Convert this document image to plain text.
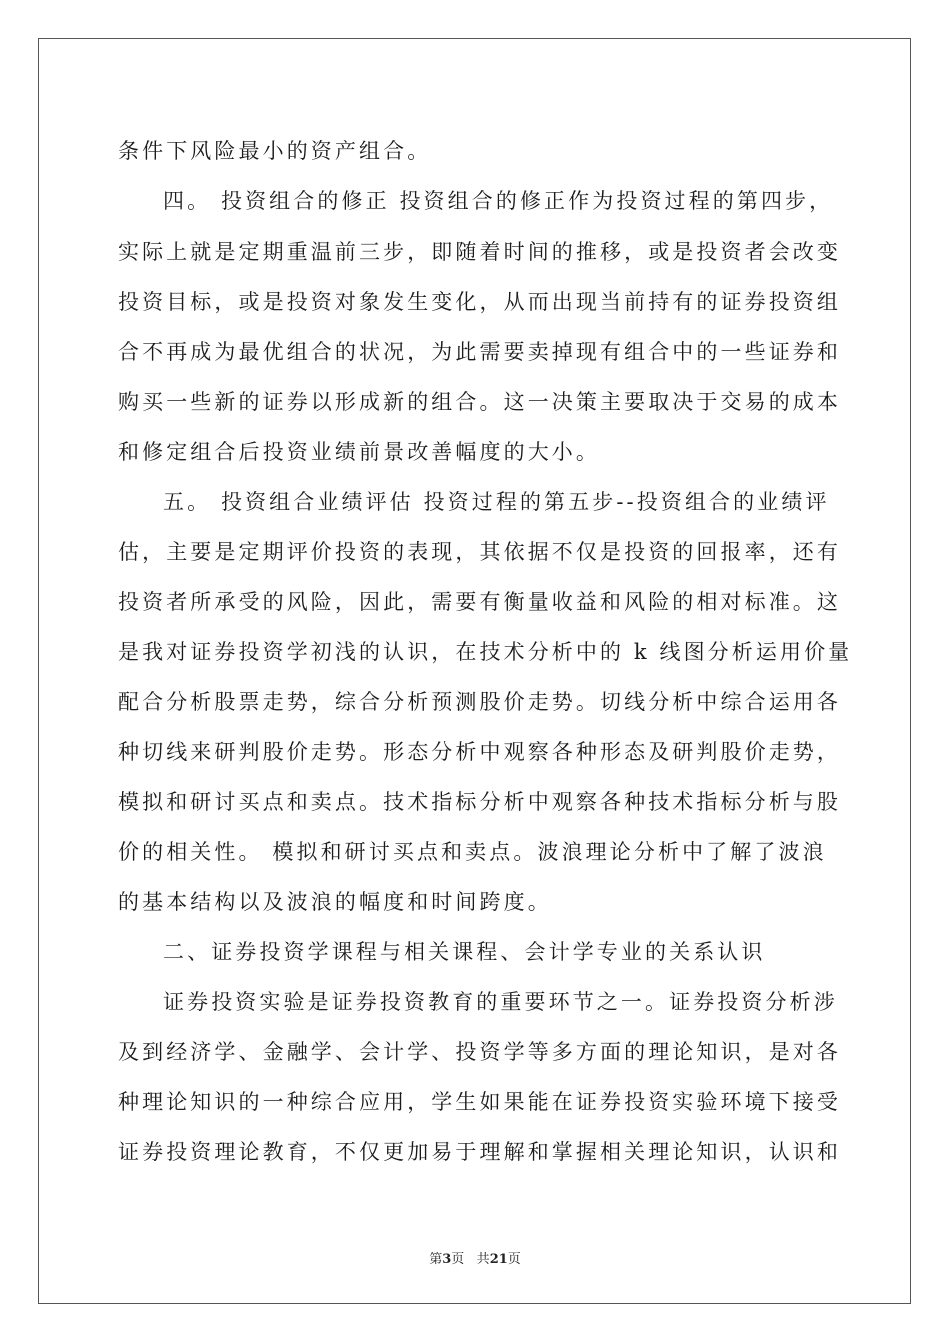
条件下风险最小的资产组合。
四。 投资组合的修正 投资组合的修正作为投资过程的第四步，
实际上就是定期重温前三步，即随着时间的推移，或是投资者会改变
投资目标，或是投资对象发生变化，从而出现当前持有的证券投资组
合不再成为最优组合的状况，为此需要卖掉现有组合中的一些证券和
购买一些新的证券以形成新的组合。这一决策主要取决于交易的成本
和修定组合后投资业绩前景改善幅度的大小。
五。 投资组合业绩评估 投资过程的第五步--投资组合的业绩评
估，主要是定期评价投资的表现，其依据不仅是投资的回报率，还有
投资者所承受的风险，因此，需要有衡量收益和风险的相对标准。这
是我对证券投资学初浅的认识，在技术分析中的 k 线图分析运用价量
配合分析股票走势，综合分析预测股价走势。切线分析中综合运用各
种切线来研判股价走势。形态分析中观察各种形态及研判股价走势，
模拟和研讨买点和卖点。技术指标分析中观察各种技术指标分析与股
价的相关性。 模拟和研讨买点和卖点。波浪理论分析中了解了波浪
的基本结构以及波浪的幅度和时间跨度。
二、证券投资学课程与相关课程、会计学专业的关系认识
证券投资实验是证券投资教育的重要环节之一。证券投资分析涉
及到经济学、金融学、会计学、投资学等多方面的理论知识，是对各
种理论知识的一种综合应用，学生如果能在证券投资实验环境下接受
证券投资理论教育，不仅更加易于理解和掌握相关理论知识，认识和
第3页 共21页
